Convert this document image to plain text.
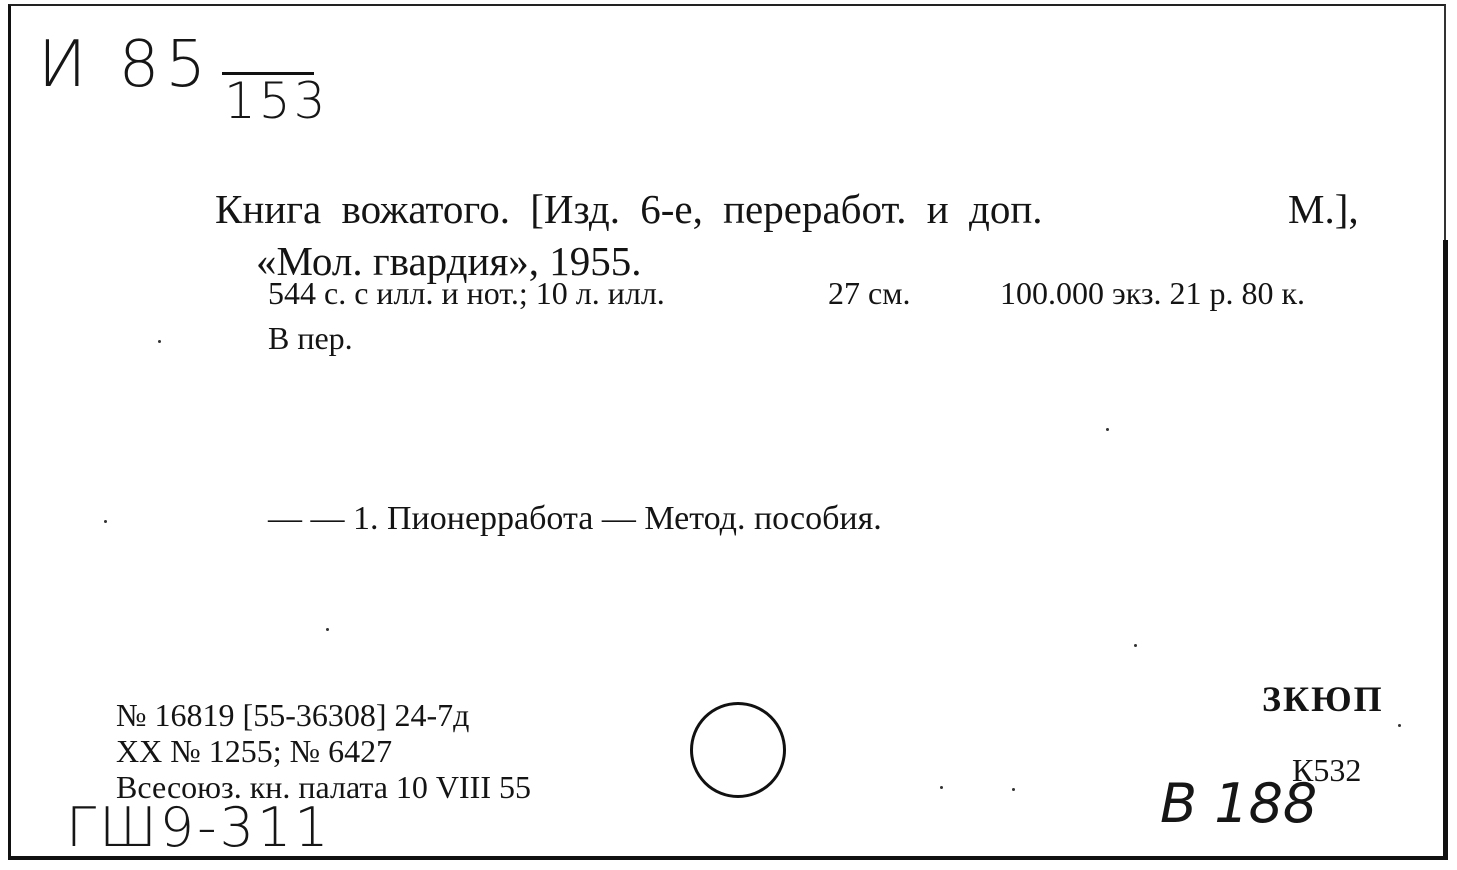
И 85 153
Книга вожатого. [Изд. 6-е, переработ. и доп.	М.],
«Мол. гвардия», 1955.
544 с. с илл. и нот.; 10 л. илл.	27 см.	100.000 экз. 21 р. 80 к.
В пер.
— — 1. Пионерработа — Метод. пособия.
№ 16819 [55-36308] 24-7д
XX № 1255; № 6427
Всесоюз. кн. палата 10 VIII 55
ЗКЮП
К532
В 188
ГШ9-311
